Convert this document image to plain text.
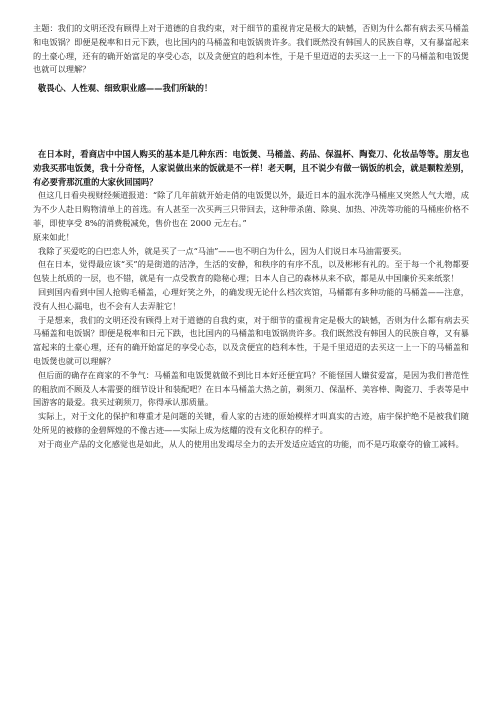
主题：我们的文明还没有顾得上对于道德的自我约束，对于细节的重视肯定是极大的缺憾，否则为什么都有病去买马桶盖和电饭锅？即便是税率和日元下跌，也比国内的马桶盖和电饭锅贵许多。我们既然没有韩国人的民族自尊，又有暴富起来的土豪心理，还有的确开始富足的享受心态，以及贪便宜的趋利本性，于是千里迢迢的去买这一上一下的马桶盖和电饭煲也就可以理解？

敬畏心、人性观、细致职业感——我们所缺的！

在日本时，看商店中中国人购买的基本是几种东西：电饭煲、马桶盖、药品、保温杯、陶瓷刀、化妆品等等。朋友也劝我买那电饭煲，我十分奇怪，人家说做出来的饭就是不一样！老天啊，且不说少有做一锅饭的机会，就是颗粒差别，有必要背那沉重的大家伙回国吗？

但这几日看央视财经频道报道：“除了几年前就开始走俏的电饭煲以外，最近日本的温水洗净马桶座又突然人气大增，成为不少人赴日购物清单上的首选。有人甚至一次买两三只带回去，这种带杀菌、除臭、加热、冲洗等功能的马桶座价格不菲，即使享受 8%的消费税减免，售价也在 2000 元左右。”

原来如此！

我除了买爱吃的白巴恋人外，就是买了一点“马油”——也不明白为什么，因为人们说日本马油需要买。

但在日本，觉得最应该“买”的是街道的洁净，生活的安静，和秩序的有序不乱，以及彬彬有礼的。至于每一个礼物都要包装上纸质的一层，也不错，就是有一点受教育的隐秘心理；日本人自己的森林从来不砍，都是从中国廉价买来纸浆！

回到国内看到中国人抢购毛桶盖，心理好笑之外，的确发现无论什么档次宾馆，马桶都有多种功能的马桶盖——注意，没有人担心漏电，也不会有人去弄脏它！

于是想来，我们的文明还没有顾得上对于道德的自我约束，对于细节的重视肯定是极大的缺憾，否则为什么都有病去买马桶盖和电饭锅？即便是税率和日元下跌，也比国内的马桶盖和电饭锅贵许多。我们既然没有韩国人的民族自尊，又有暴富起来的土豪心理，还有的确开始富足的享受心态，以及贪便宜的趋利本性，于是千里迢迢的去买这一上一下的马桶盖和电饭煲也就可以理解？

但后面的确存在商家的不争气：马桶盖和电饭煲就做不到比日本好还便宜吗？不能怪国人嫌贫爱富，是因为我们普范性的粗放而不顾及人本需要的细节设计和装配吧？在日本马桶盖大热之前，剃须刀、保温杯、美容棒、陶瓷刀、手表等是中国游客的最爱。我买过剃须刀，你得承认那质量。

实际上，对于文化的保护和尊重才是问题的关键，看人家的古迹的原始模样才叫真实的古迹，庙宇保护绝不是被我们随处所见的被修的金碧辉煌的不像古迹——实际上成为炫耀的没有文化积存的样子。

对于商业产品的文化感觉也是如此，从人的使用出发竭尽全力的去开发适应适宜的功能，而不是巧取豪夺的偷工减料。
